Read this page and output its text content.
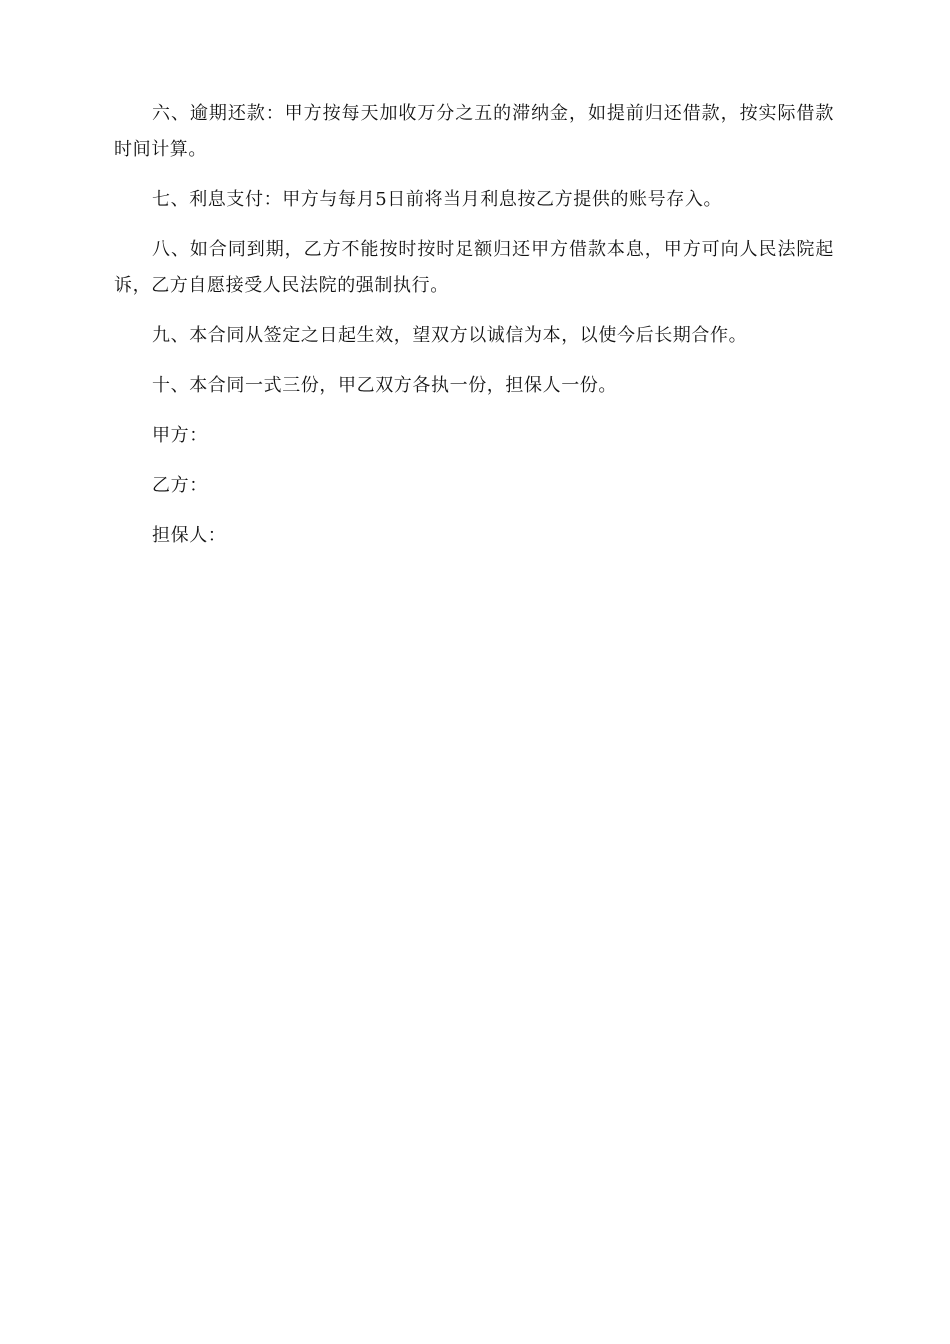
六、逾期还款：甲方按每天加收万分之五的滞纳金，如提前归还借款，按实际借款时间计算。

七、利息支付：甲方与每月5日前将当月利息按乙方提供的账号存入。

八、如合同到期，乙方不能按时按时足额归还甲方借款本息，甲方可向人民法院起诉，乙方自愿接受人民法院的强制执行。

九、本合同从签定之日起生效，望双方以诚信为本，以使今后长期合作。

十、本合同一式三份，甲乙双方各执一份，担保人一份。

甲方：

乙方：

担保人：
